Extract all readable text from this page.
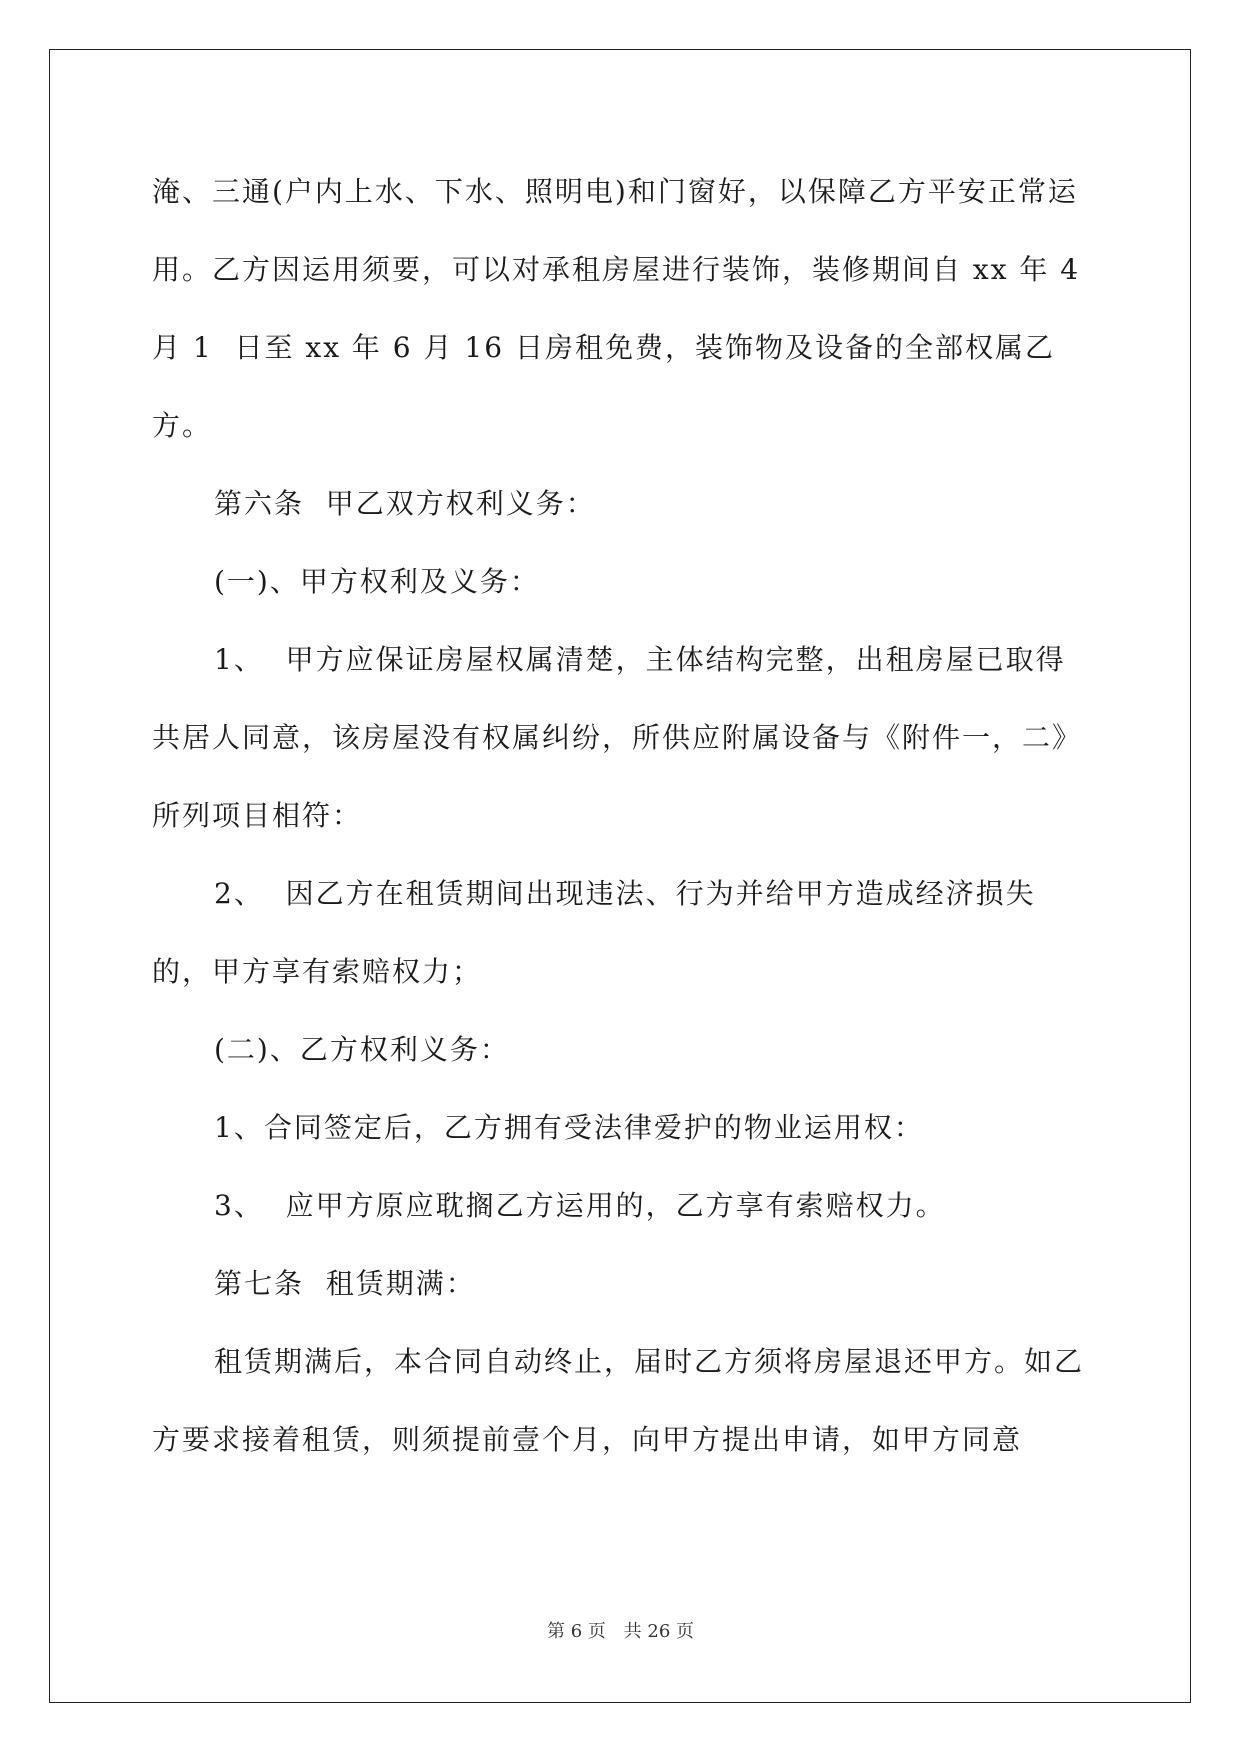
淹、三通(户内上水、下水、照明电)和门窗好，以保障乙方平安正常运用。乙方因运用须要，可以对承租房屋进行装饰，装修期间自 xx 年 4 月 1  日至 xx 年 6 月 16 日房租免费，装饰物及设备的全部权属乙方。

第六条  甲乙双方权利义务：

(一)、甲方权利及义务：

1、  甲方应保证房屋权属清楚，主体结构完整，出租房屋已取得共居人同意，该房屋没有权属纠纷，所供应附属设备与《附件一，二》所列项目相符：

2、  因乙方在租赁期间出现违法、行为并给甲方造成经济损失的，甲方享有索赔权力；

(二)、乙方权利义务：

1、合同签定后，乙方拥有受法律爱护的物业运用权：

3、  应甲方原应耽搁乙方运用的，乙方享有索赔权力。

第七条  租赁期满：

租赁期满后，本合同自动终止，届时乙方须将房屋退还甲方。如乙方要求接着租赁，则须提前壹个月，向甲方提出申请，如甲方同意

第 6 页 共 26 页
